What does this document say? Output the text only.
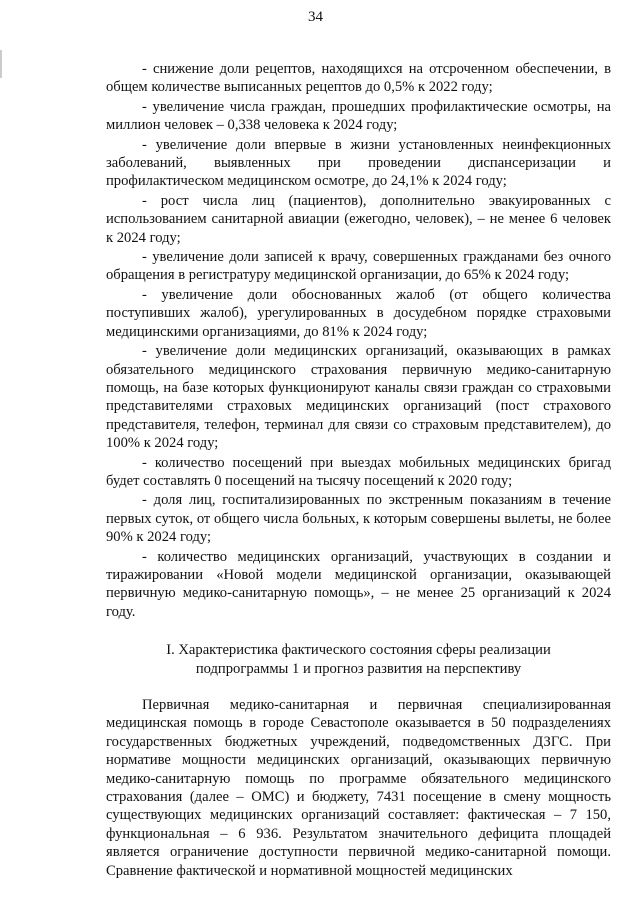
34

- снижение доли рецептов, находящихся на отсроченном обеспечении, в общем количестве выписанных рецептов до 0,5% к 2022 году;

- увеличение числа граждан, прошедших профилактические осмотры, на миллион человек – 0,338 человека к 2024 году;

- увеличение доли впервые в жизни установленных неинфекционных заболеваний, выявленных при проведении диспансеризации и профилактическом медицинском осмотре, до 24,1% к 2024 году;

- рост числа лиц (пациентов), дополнительно эвакуированных с использованием санитарной авиации (ежегодно, человек), – не менее 6 человек к 2024 году;

- увеличение доли записей к врачу, совершенных гражданами без очного обращения в регистратуру медицинской организации, до 65% к 2024 году;

- увеличение доли обоснованных жалоб (от общего количества поступивших жалоб), урегулированных в досудебном порядке страховыми медицинскими организациями, до 81% к 2024 году;

- увеличение доли медицинских организаций, оказывающих в рамках обязательного медицинского страхования первичную медико-санитарную помощь, на базе которых функционируют каналы связи граждан со страховыми представителями страховых медицинских организаций (пост страхового представителя, телефон, терминал для связи со страховым представителем), до 100% к 2024 году;

- количество посещений при выездах мобильных медицинских бригад будет составлять 0 посещений на тысячу посещений к 2020 году;

- доля лиц, госпитализированных по экстренным показаниям в течение первых суток, от общего числа больных, к которым совершены вылеты, не более 90% к 2024 году;

- количество медицинских организаций, участвующих в создании и тиражировании «Новой модели медицинской организации, оказывающей первичную медико-санитарную помощь», – не менее 25 организаций к 2024 году.

I. Характеристика фактического состояния сферы реализации
подпрограммы 1 и прогноз развития на перспективу

Первичная медико-санитарная и первичная специализированная медицинская помощь в городе Севастополе оказывается в 50 подразделениях государственных бюджетных учреждений, подведомственных ДЗГС. При нормативе мощности медицинских организаций, оказывающих первичную медико-санитарную помощь по программе обязательного медицинского страхования (далее – ОМС) и бюджету, 7431 посещение в смену мощность существующих медицинских организаций составляет: фактическая – 7 150, функциональная – 6 936. Результатом значительного дефицита площадей является ограничение доступности первичной медико-санитарной помощи. Сравнение фактической и нормативной мощностей медицинских
